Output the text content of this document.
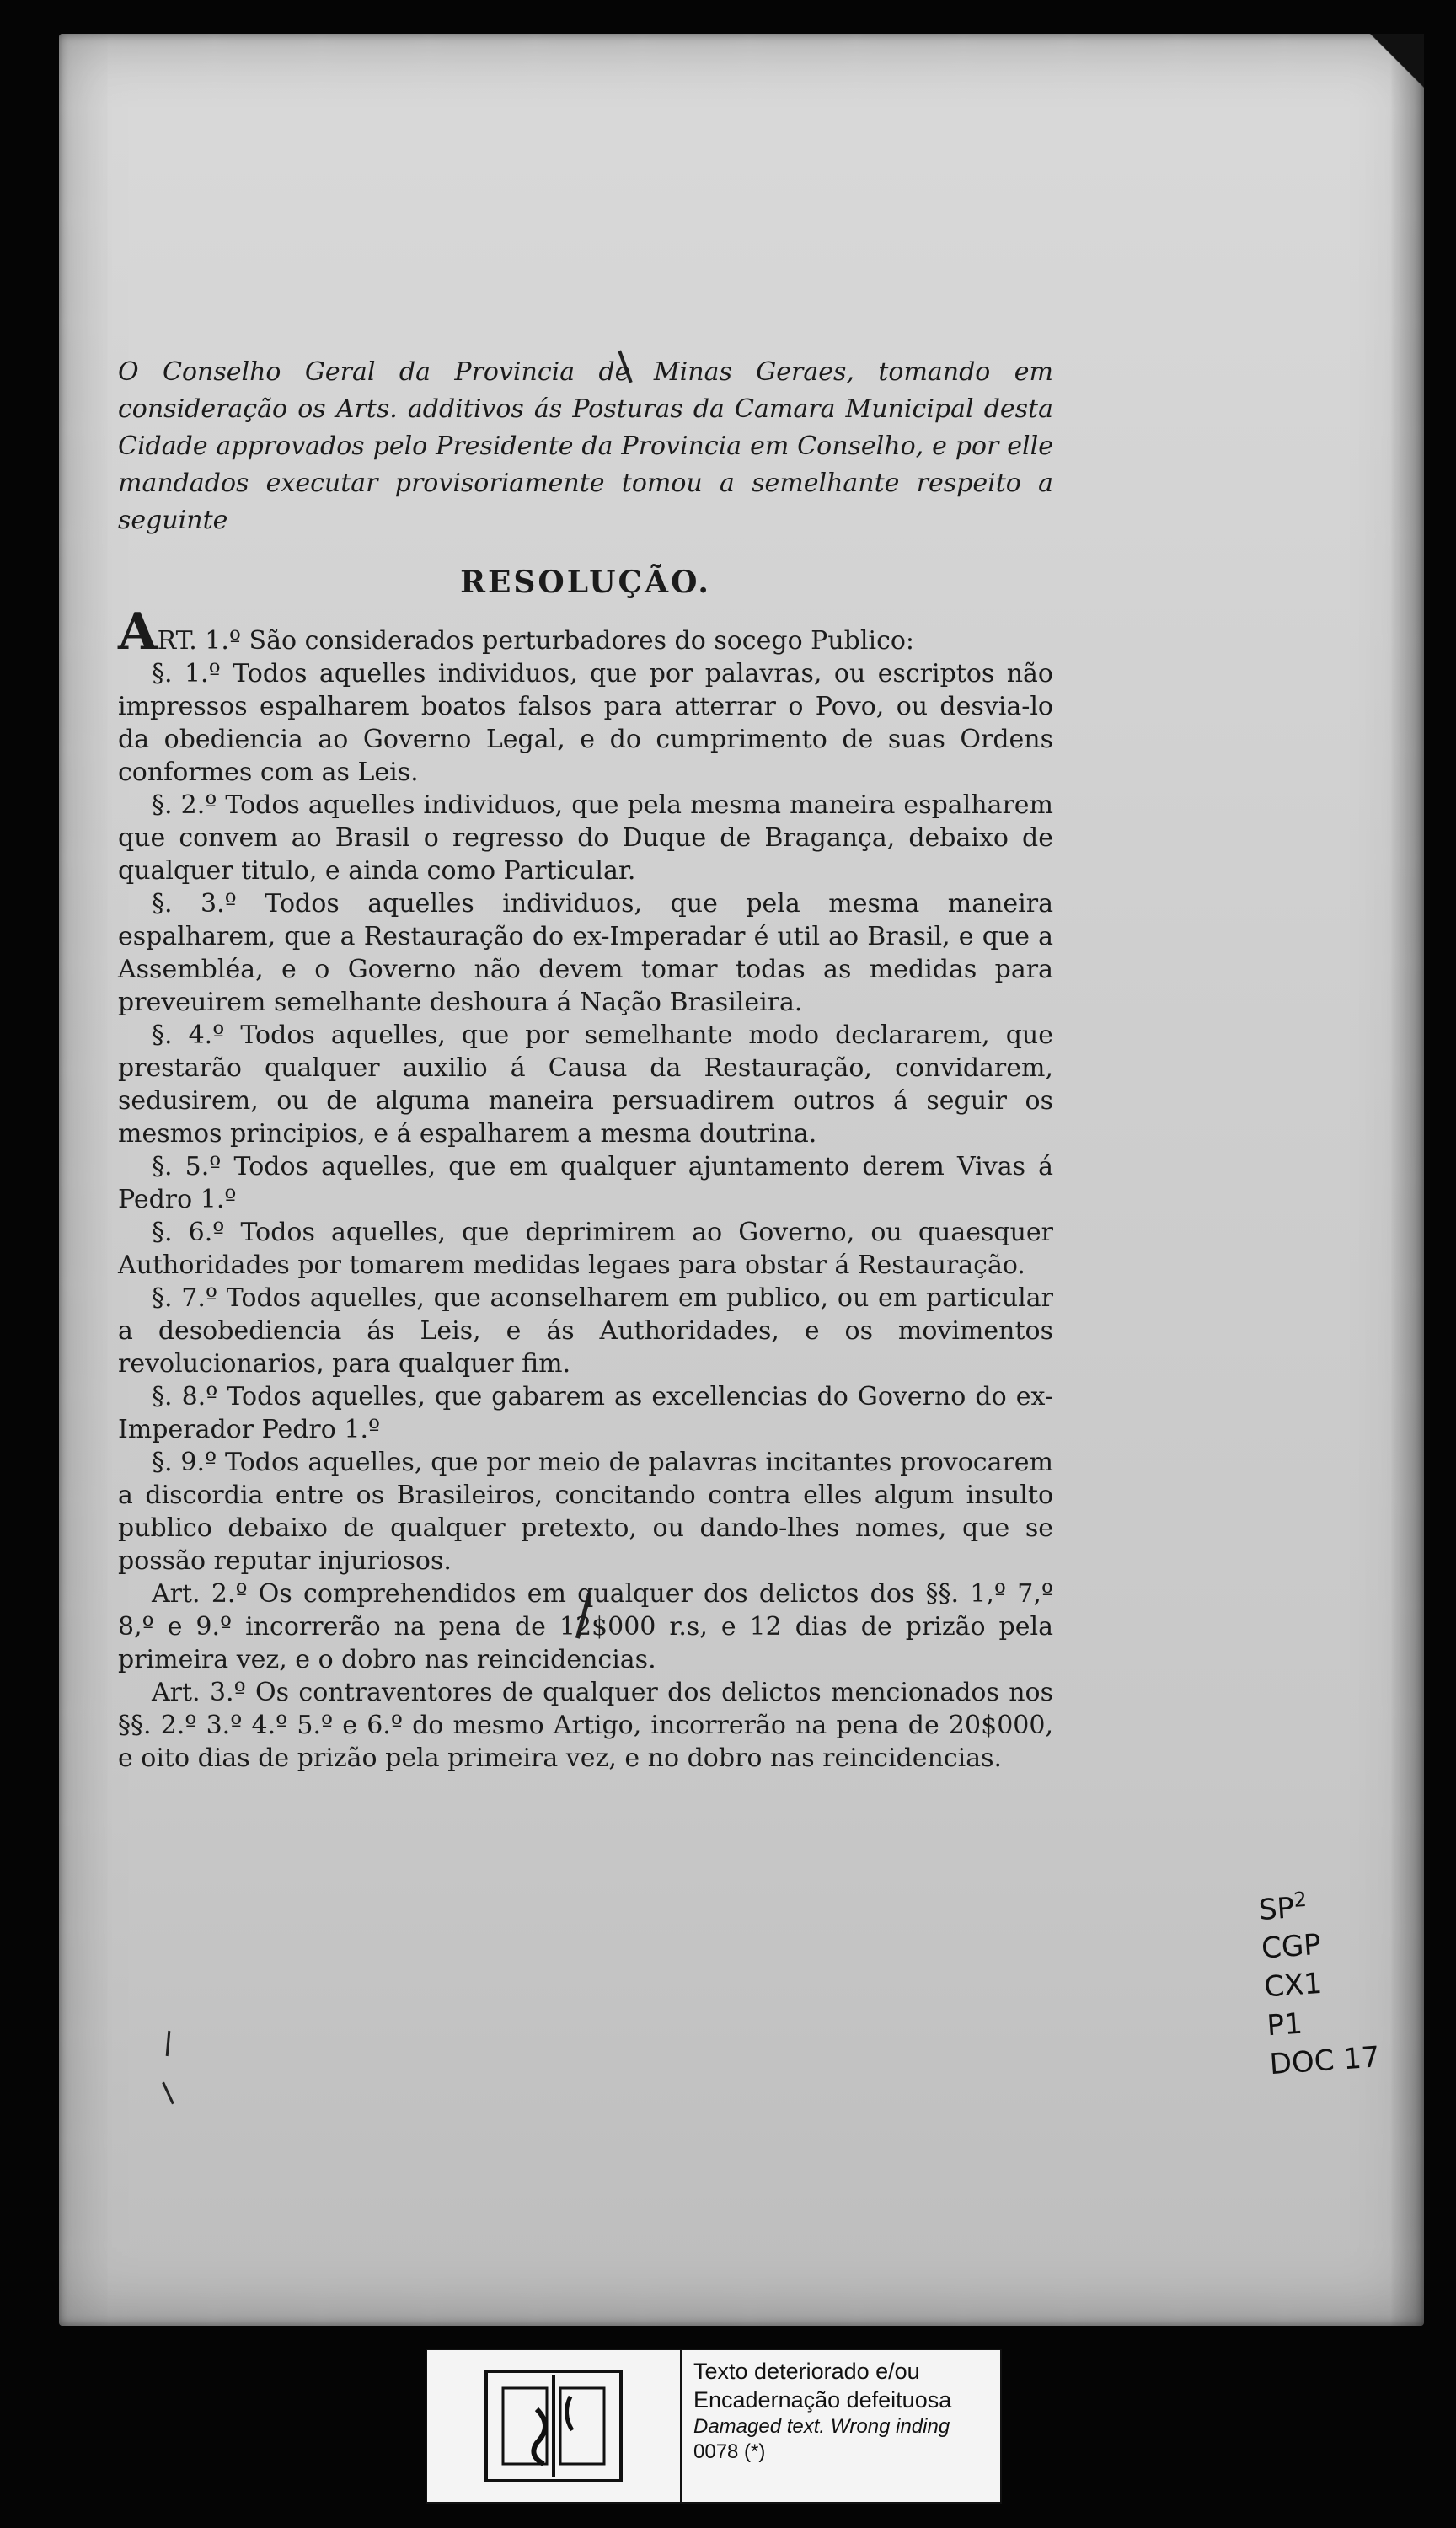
O Conselho Geral da Provincia de Minas Geraes, tomando em consideração os Arts. additivos ás Posturas da Camara Municipal desta Cidade approvados pelo Presidente da Provincia em Conselho, e por elle mandados executar provisoriamente tomou a semelhante respeito a seguinte

RESOLUÇÃO.

ART. 1.º São considerados perturbadores do socego Publico:

§. 1.º Todos aquelles individuos, que por palavras, ou escriptos não impressos espalharem boatos falsos para atterrar o Povo, ou desvia-lo da obediencia ao Governo Legal, e do cumprimento de suas Ordens conformes com as Leis.

§. 2.º Todos aquelles individuos, que pela mesma maneira espalharem que convem ao Brasil o regresso do Duque de Bragança, debaixo de qualquer titulo, e ainda como Particular.

§. 3.º Todos aquelles individuos, que pela mesma maneira espalharem, que a Restauração do ex-Imperadar é util ao Brasil, e que a Assembléa, e o Governo não devem tomar todas as medidas para preveuirem semelhante deshoura á Nação Brasileira.

§. 4.º Todos aquelles, que por semelhante modo declararem, que prestarão qualquer auxilio á Causa da Restauração, convidarem, sedusirem, ou de alguma maneira persuadirem outros á seguir os mesmos principios, e á espalharem a mesma doutrina.

§. 5.º Todos aquelles, que em qualquer ajuntamento derem Vivas á Pedro 1.º

§. 6.º Todos aquelles, que deprimirem ao Governo, ou quaesquer Authoridades por tomarem medidas legaes para obstar á Restauração.

§. 7.º Todos aquelles, que aconselharem em publico, ou em particular a desobediencia ás Leis, e ás Authoridades, e os movimentos revolucionarios, para qualquer fim.

§. 8.º Todos aquelles, que gabarem as excellencias do Governo do ex-Imperador Pedro 1.º

§. 9.º Todos aquelles, que por meio de palavras incitantes provocarem a discordia entre os Brasileiros, concitando contra elles algum insulto publico debaixo de qualquer pretexto, ou dando-lhes nomes, que se possão reputar injuriosos.

Art. 2.º Os comprehendidos em qualquer dos delictos dos §§. 1,º 7,º 8,º e 9.º incorrerão na pena de 12$000 r.s, e 12 dias de prizão pela primeira vez, e o dobro nas reincidencias.

Art. 3.º Os contraventores de qualquer dos delictos mencionados nos §§. 2.º 3.º 4.º 5.º e 6.º do mesmo Artigo, incorrerão na pena de 20$000, e oito dias de prizão pela primeira vez, e no dobro nas reincidencias.

$SP^2$
CGP
CX1
P1
DOC 17
Texto deteriorado e/ou
Encadernação defeituosa
Damaged text. Wrong inding
0078 (*)
